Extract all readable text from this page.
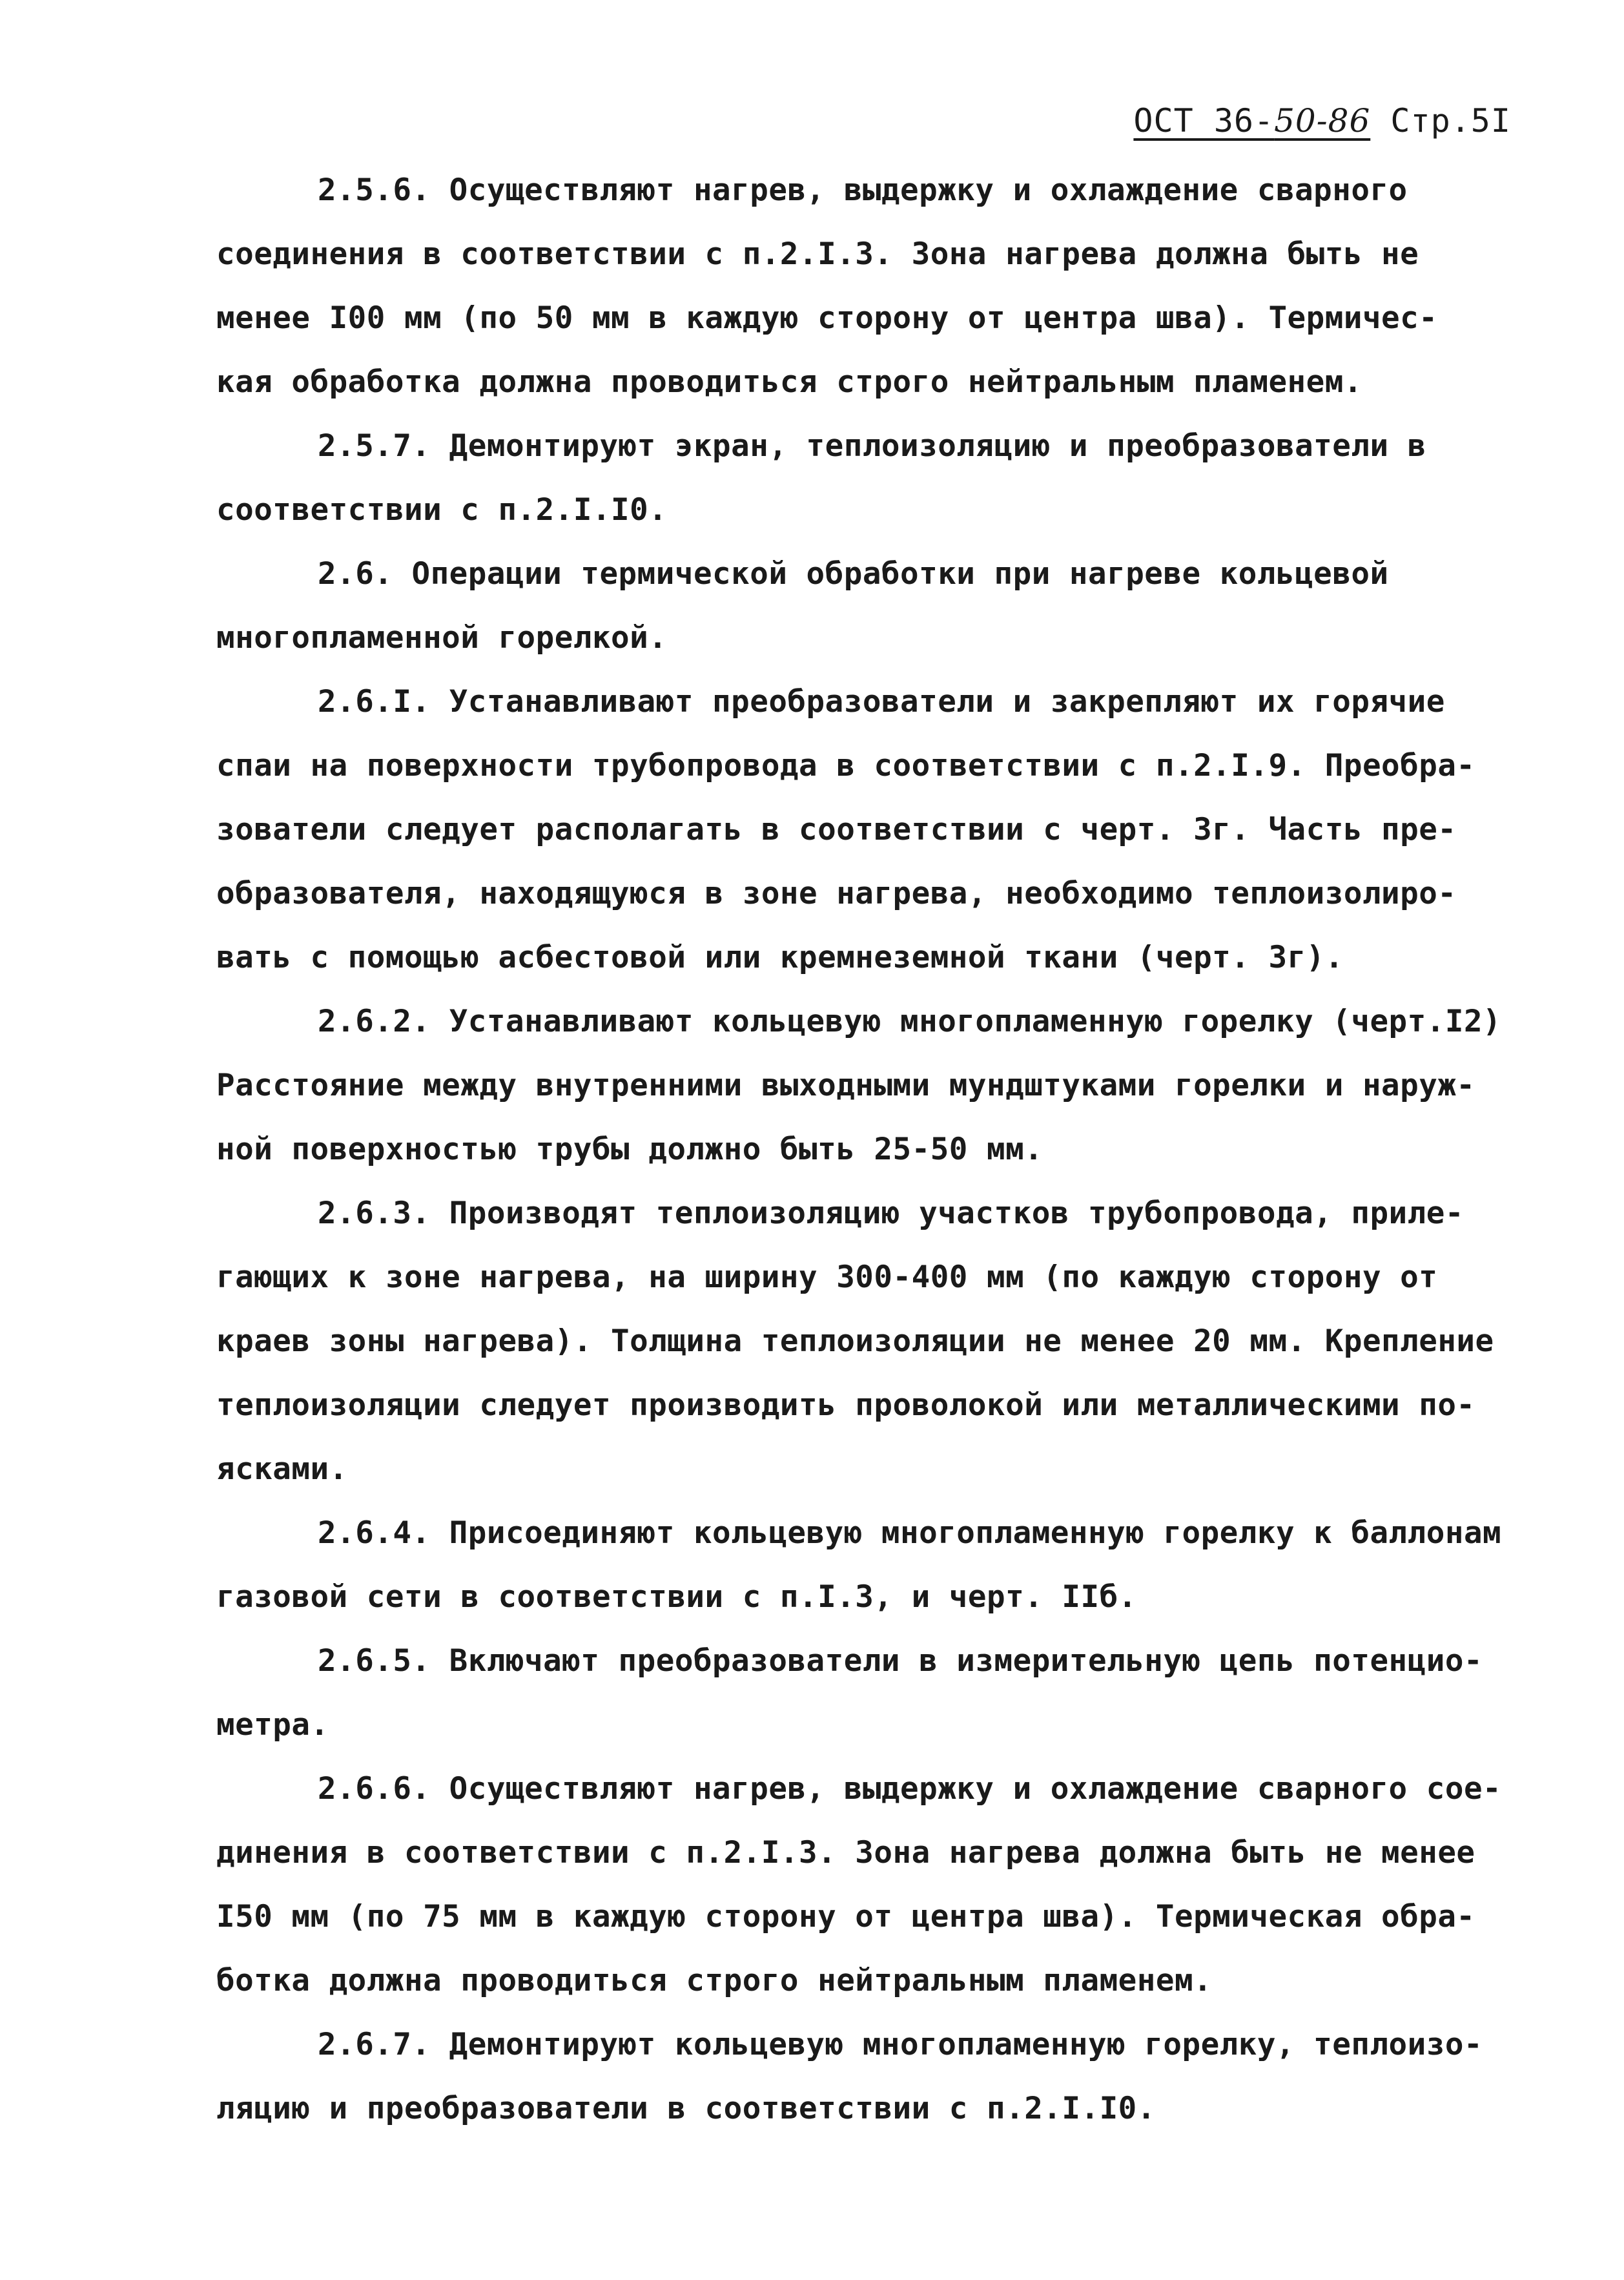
ОСТ 36-50-86 Стр.5I
2.5.6. Осуществляют нагрев, выдержку и охлаждение сварного
соединения в соответствии с п.2.I.3. Зона нагрева должна быть не
менее I00 мм (по 50 мм в каждую сторону от центра шва). Термичес-
кая обработка должна проводиться строго нейтральным пламенем.
2.5.7. Демонтируют экран, теплоизоляцию и преобразователи в
соответствии с п.2.I.I0.
2.6. Операции термической обработки при нагреве кольцевой
многопламенной горелкой.
2.6.I. Устанавливают преобразователи и закрепляют их горячие
спаи на поверхности трубопровода в соответствии с п.2.I.9. Преобра-
зователи следует располагать в соответствии с черт. 3г. Часть пре-
образователя, находящуюся в зоне нагрева, необходимо теплоизолиро-
вать с помощью асбестовой или кремнеземной ткани (черт. 3г).
2.6.2. Устанавливают кольцевую многопламенную горелку (черт.I2)
Расстояние между внутренними выходными мундштуками горелки и наруж-
ной поверхностью трубы должно быть 25-50 мм.
2.6.3. Производят теплоизоляцию участков трубопровода, приле-
гающих к зоне нагрева, на ширину 300-400 мм (по каждую сторону от
краев зоны нагрева). Толщина теплоизоляции не менее 20 мм. Крепление
теплоизоляции следует производить проволокой или металлическими по-
ясками.
2.6.4. Присоединяют кольцевую многопламенную горелку к баллонам
газовой сети в соответствии с п.I.3, и черт. IIб.
2.6.5. Включают преобразователи в измерительную цепь потенцио-
метра.
2.6.6. Осуществляют нагрев, выдержку и охлаждение сварного сое-
динения в соответствии с п.2.I.3. Зона нагрева должна быть не менее
I50 мм (по 75 мм в каждую сторону от центра шва). Термическая обра-
ботка должна проводиться строго нейтральным пламенем.
2.6.7. Демонтируют кольцевую многопламенную горелку, теплоизо-
ляцию и преобразователи в соответствии с п.2.I.I0.
